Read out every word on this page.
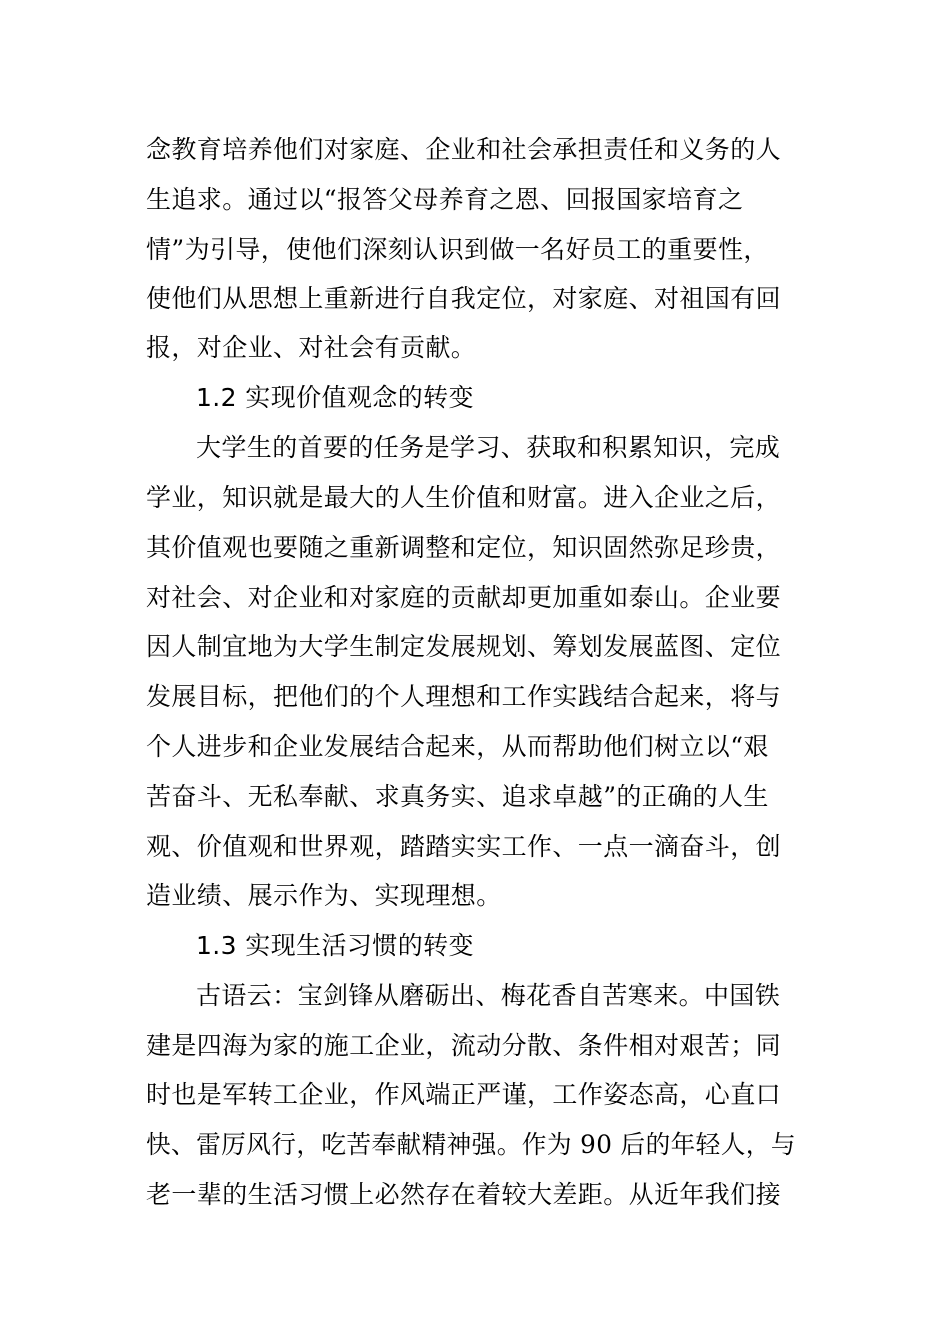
念教育培养他们对家庭、企业和社会承担责任和义务的人
生追求。通过以“报答父母养育之恩、回报国家培育之
情”为引导，使他们深刻认识到做一名好员工的重要性，
使他们从思想上重新进行自我定位，对家庭、对祖国有回
报，对企业、对社会有贡献。
1.2 实现价值观念的转变
大学生的首要的任务是学习、获取和积累知识，完成
学业，知识就是最大的人生价值和财富。进入企业之后，
其价值观也要随之重新调整和定位，知识固然弥足珍贵，
对社会、对企业和对家庭的贡献却更加重如泰山。企业要
因人制宜地为大学生制定发展规划、筹划发展蓝图、定位
发展目标，把他们的个人理想和工作实践结合起来，将与
个人进步和企业发展结合起来，从而帮助他们树立以“艰
苦奋斗、无私奉献、求真务实、追求卓越”的正确的人生
观、价值观和世界观，踏踏实实工作、一点一滴奋斗，创
造业绩、展示作为、实现理想。
1.3 实现生活习惯的转变
古语云：宝剑锋从磨砺出、梅花香自苦寒来。中国铁
建是四海为家的施工企业，流动分散、条件相对艰苦；同
时也是军转工企业，作风端正严谨，工作姿态高，心直口
快、雷厉风行，吃苦奉献精神强。作为 90 后的年轻人，与
老一辈的生活习惯上必然存在着较大差距。从近年我们接
